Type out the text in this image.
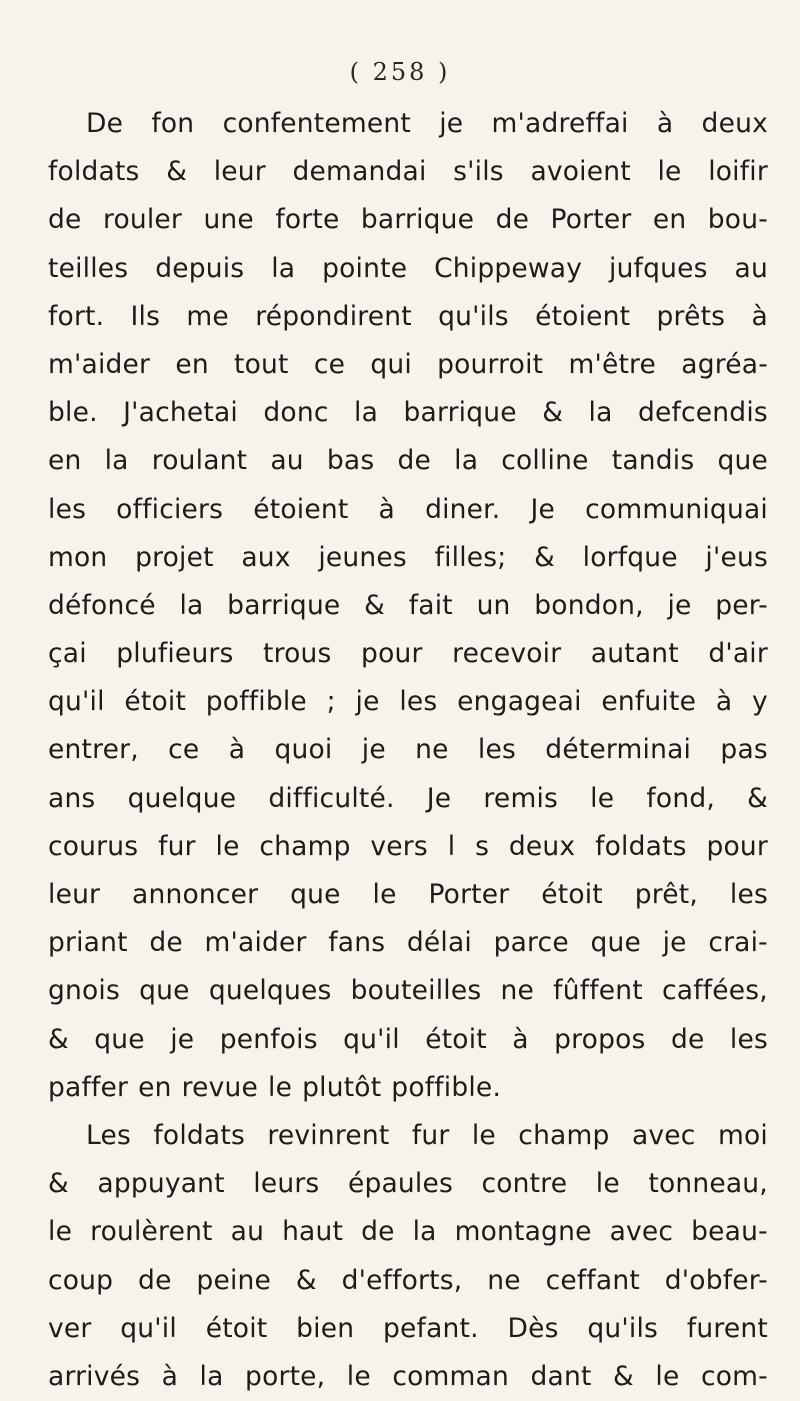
( 258 )
De fon confentement je m'adreffai à deux
foldats & leur demandai s'ils avoient le loifir
de rouler une forte barrique de Porter en bou-
teilles depuis la pointe Chippeway jufques au
fort. Ils me répondirent qu'ils étoient prêts à
m'aider en tout ce qui pourroit m'être agréa-
ble. J'achetai donc la barrique & la defcendis
en la roulant au bas de la colline tandis que
les officiers étoient à diner. Je communiquai
mon projet aux jeunes filles; & lorfque j'eus
défoncé la barrique & fait un bondon, je per-
çai plufieurs trous pour recevoir autant d'air
qu'il étoit poffible ; je les engageai enfuite à y
entrer, ce à quoi je ne les déterminai pas
ans quelque difficulté. Je remis le fond, &
courus fur le champ vers l s deux foldats pour
leur annoncer que le Porter étoit prêt, les
priant de m'aider fans délai parce que je crai-
gnois que quelques bouteilles ne fûffent caffées,
& que je penfois qu'il étoit à propos de les
paffer en revue le plutôt poffible.
Les foldats revinrent fur le champ avec moi
& appuyant leurs épaules contre le tonneau,
le roulèrent au haut de la montagne avec beau-
coup de peine & d'efforts, ne ceffant d'obfer-
ver qu'il étoit bien pefant. Dès qu'ils furent
arrivés à la porte, le comman dant & le com-
